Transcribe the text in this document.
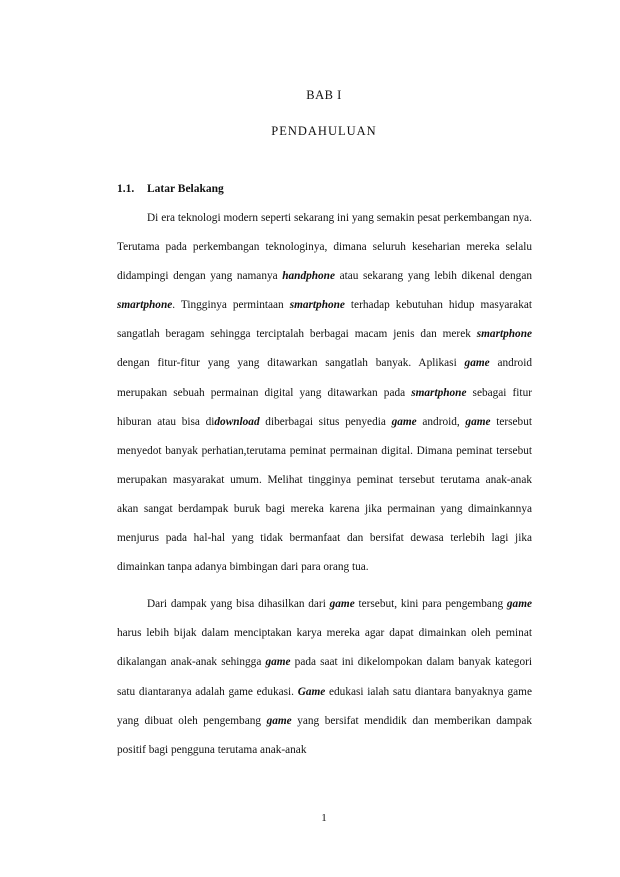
BAB I
PENDAHULUAN
1.1. Latar Belakang

Di era teknologi modern seperti sekarang ini yang semakin pesat perkembangan nya. Terutama pada perkembangan teknologinya, dimana seluruh keseharian mereka selalu didampingi dengan yang namanya handphone atau sekarang yang lebih dikenal dengan smartphone. Tingginya permintaan smartphone terhadap kebutuhan hidup masyarakat sangatlah beragam sehingga terciptalah berbagai macam jenis dan merek smartphone dengan fitur-fitur yang yang ditawarkan sangatlah banyak. Aplikasi game android merupakan sebuah permainan digital yang ditawarkan pada smartphone sebagai fitur hiburan atau bisa didownload diberbagai situs penyedia game android, game tersebut menyedot banyak perhatian,terutama peminat permainan digital. Dimana peminat tersebut merupakan masyarakat umum. Melihat tingginya peminat tersebut terutama anak-anak akan sangat berdampak buruk bagi mereka karena jika permainan yang dimainkannya menjurus pada hal-hal yang tidak bermanfaat dan bersifat dewasa terlebih lagi jika dimainkan tanpa adanya bimbingan dari para orang tua.

Dari dampak yang bisa dihasilkan dari game tersebut, kini para pengembang game harus lebih bijak dalam menciptakan karya mereka agar dapat dimainkan oleh peminat dikalangan anak-anak sehingga game pada saat ini dikelompokan dalam banyak kategori satu diantaranya adalah game edukasi. Game edukasi ialah satu diantara banyaknya game yang dibuat oleh pengembang game yang bersifat mendidik dan memberikan dampak positif bagi pengguna terutama anak-anak

1
